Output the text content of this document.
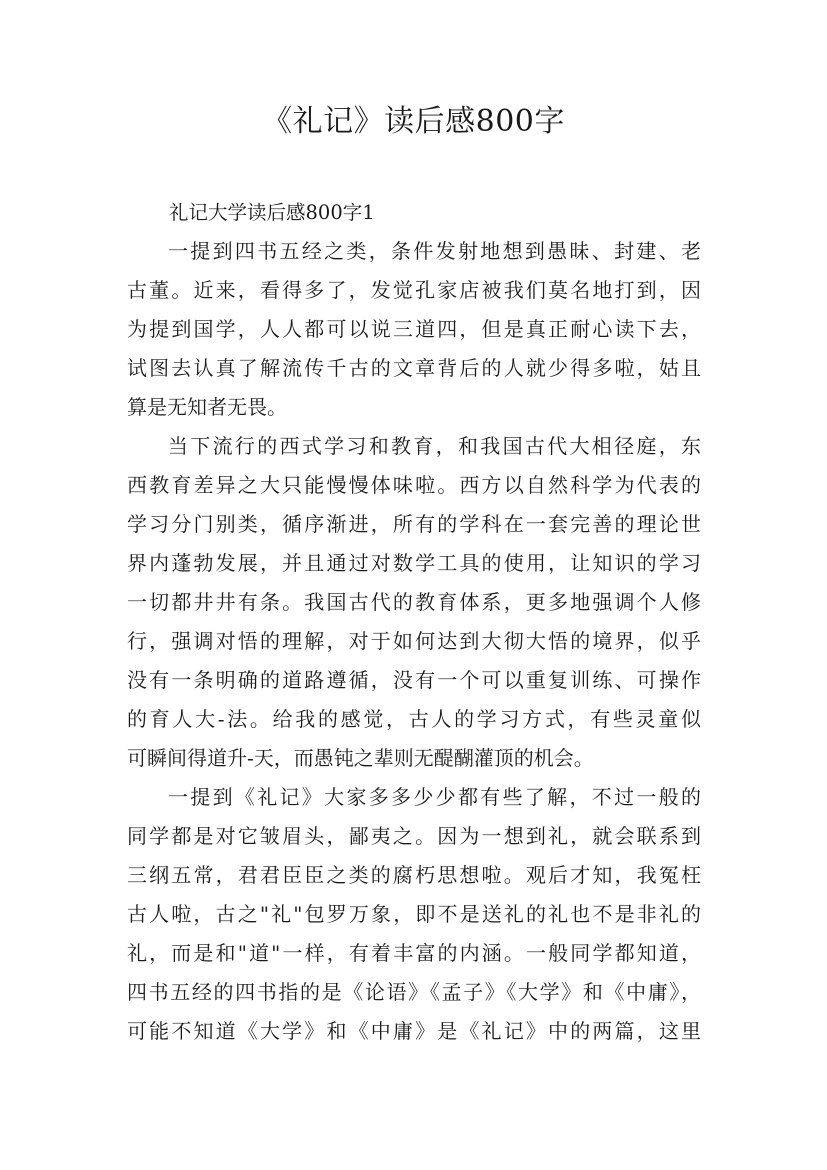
《礼记》读后感800字

礼记大学读后感800字1

一提到四书五经之类，条件发射地想到愚昧、封建、老
古董。近来，看得多了，发觉孔家店被我们莫名地打到，因
为提到国学，人人都可以说三道四，但是真正耐心读下去，
试图去认真了解流传千古的文章背后的人就少得多啦，姑且
算是无知者无畏。

当下流行的西式学习和教育，和我国古代大相径庭，东
西教育差异之大只能慢慢体味啦。西方以自然科学为代表的
学习分门别类，循序渐进，所有的学科在一套完善的理论世
界内蓬勃发展，并且通过对数学工具的使用，让知识的学习
一切都井井有条。我国古代的教育体系，更多地强调个人修
行，强调对悟的理解，对于如何达到大彻大悟的境界，似乎
没有一条明确的道路遵循，没有一个可以重复训练、可操作
的育人大-法。给我的感觉，古人的学习方式，有些灵童似
可瞬间得道升-天，而愚钝之辈则无醍醐灌顶的机会。

一提到《礼记》大家多多少少都有些了解，不过一般的
同学都是对它皱眉头，鄙夷之。因为一想到礼，就会联系到
三纲五常，君君臣臣之类的腐朽思想啦。观后才知，我冤枉
古人啦，古之"礼"包罗万象，即不是送礼的礼也不是非礼的
礼，而是和"道"一样，有着丰富的内涵。一般同学都知道，
四书五经的四书指的是《论语》《孟子》《大学》和《中庸》，
可能不知道《大学》和《中庸》是《礼记》中的两篇，这里
